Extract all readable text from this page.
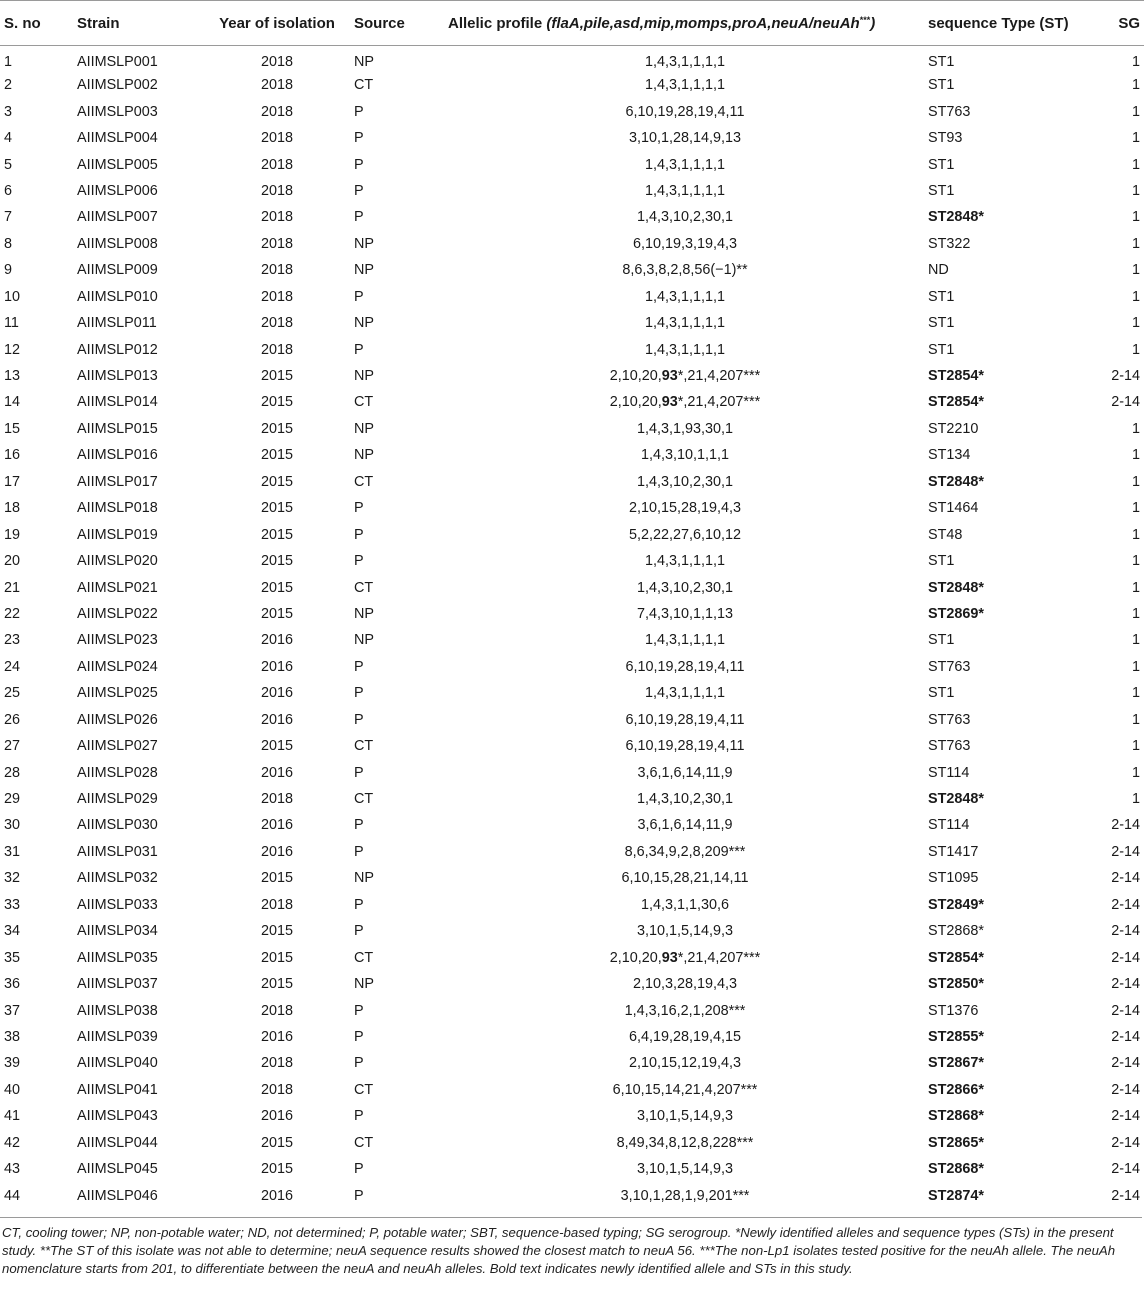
S. no	Strain	Year of isolation	Source	Allelic profile (flaA,pile,asd,mip,momps,proA,neuA/neuAh***)	sequence Type (ST)	SG
1	AIIMSLP001	2018	NP	1,4,3,1,1,1,1	ST1	1
2	AIIMSLP002	2018	CT	1,4,3,1,1,1,1	ST1	1
3	AIIMSLP003	2018	P	6,10,19,28,19,4,11	ST763	1
4	AIIMSLP004	2018	P	3,10,1,28,14,9,13	ST93	1
5	AIIMSLP005	2018	P	1,4,3,1,1,1,1	ST1	1
6	AIIMSLP006	2018	P	1,4,3,1,1,1,1	ST1	1
7	AIIMSLP007	2018	P	1,4,3,10,2,30,1	ST2848*	1
8	AIIMSLP008	2018	NP	6,10,19,3,19,4,3	ST322	1
9	AIIMSLP009	2018	NP	8,6,3,8,2,8,56(−1)**	ND	1
10	AIIMSLP010	2018	P	1,4,3,1,1,1,1	ST1	1
11	AIIMSLP011	2018	NP	1,4,3,1,1,1,1	ST1	1
12	AIIMSLP012	2018	P	1,4,3,1,1,1,1	ST1	1
13	AIIMSLP013	2015	NP	2,10,20,93*,21,4,207***	ST2854*	2-14
14	AIIMSLP014	2015	CT	2,10,20,93*,21,4,207***	ST2854*	2-14
15	AIIMSLP015	2015	NP	1,4,3,1,93,30,1	ST2210	1
16	AIIMSLP016	2015	NP	1,4,3,10,1,1,1	ST134	1
17	AIIMSLP017	2015	CT	1,4,3,10,2,30,1	ST2848*	1
18	AIIMSLP018	2015	P	2,10,15,28,19,4,3	ST1464	1
19	AIIMSLP019	2015	P	5,2,22,27,6,10,12	ST48	1
20	AIIMSLP020	2015	P	1,4,3,1,1,1,1	ST1	1
21	AIIMSLP021	2015	CT	1,4,3,10,2,30,1	ST2848*	1
22	AIIMSLP022	2015	NP	7,4,3,10,1,1,13	ST2869*	1
23	AIIMSLP023	2016	NP	1,4,3,1,1,1,1	ST1	1
24	AIIMSLP024	2016	P	6,10,19,28,19,4,11	ST763	1
25	AIIMSLP025	2016	P	1,4,3,1,1,1,1	ST1	1
26	AIIMSLP026	2016	P	6,10,19,28,19,4,11	ST763	1
27	AIIMSLP027	2015	CT	6,10,19,28,19,4,11	ST763	1
28	AIIMSLP028	2016	P	3,6,1,6,14,11,9	ST114	1
29	AIIMSLP029	2018	CT	1,4,3,10,2,30,1	ST2848*	1
30	AIIMSLP030	2016	P	3,6,1,6,14,11,9	ST114	2-14
31	AIIMSLP031	2016	P	8,6,34,9,2,8,209***	ST1417	2-14
32	AIIMSLP032	2015	NP	6,10,15,28,21,14,11	ST1095	2-14
33	AIIMSLP033	2018	P	1,4,3,1,1,30,6	ST2849*	2-14
34	AIIMSLP034	2015	P	3,10,1,5,14,9,3	ST2868*	2-14
35	AIIMSLP035	2015	CT	2,10,20,93*,21,4,207***	ST2854*	2-14
36	AIIMSLP037	2015	NP	2,10,3,28,19,4,3	ST2850*	2-14
37	AIIMSLP038	2018	P	1,4,3,16,2,1,208***	ST1376	2-14
38	AIIMSLP039	2016	P	6,4,19,28,19,4,15	ST2855*	2-14
39	AIIMSLP040	2018	P	2,10,15,12,19,4,3	ST2867*	2-14
40	AIIMSLP041	2018	CT	6,10,15,14,21,4,207***	ST2866*	2-14
41	AIIMSLP043	2016	P	3,10,1,5,14,9,3	ST2868*	2-14
42	AIIMSLP044	2015	CT	8,49,34,8,12,8,228***	ST2865*	2-14
43	AIIMSLP045	2015	P	3,10,1,5,14,9,3	ST2868*	2-14
44	AIIMSLP046	2016	P	3,10,1,28,1,9,201***	ST2874*	2-14
CT, cooling tower; NP, non-potable water; ND, not determined; P, potable water; SBT, sequence-based typing; SG serogroup. *Newly identified alleles and sequence types (STs) in the present study. **The ST of this isolate was not able to determine; neuA sequence results showed the closest match to neuA 56. ***The non-Lp1 isolates tested positive for the neuAh allele. The neuAh nomenclature starts from 201, to differentiate between the neuA and neuAh alleles. Bold text indicates newly identified allele and STs in this study.
